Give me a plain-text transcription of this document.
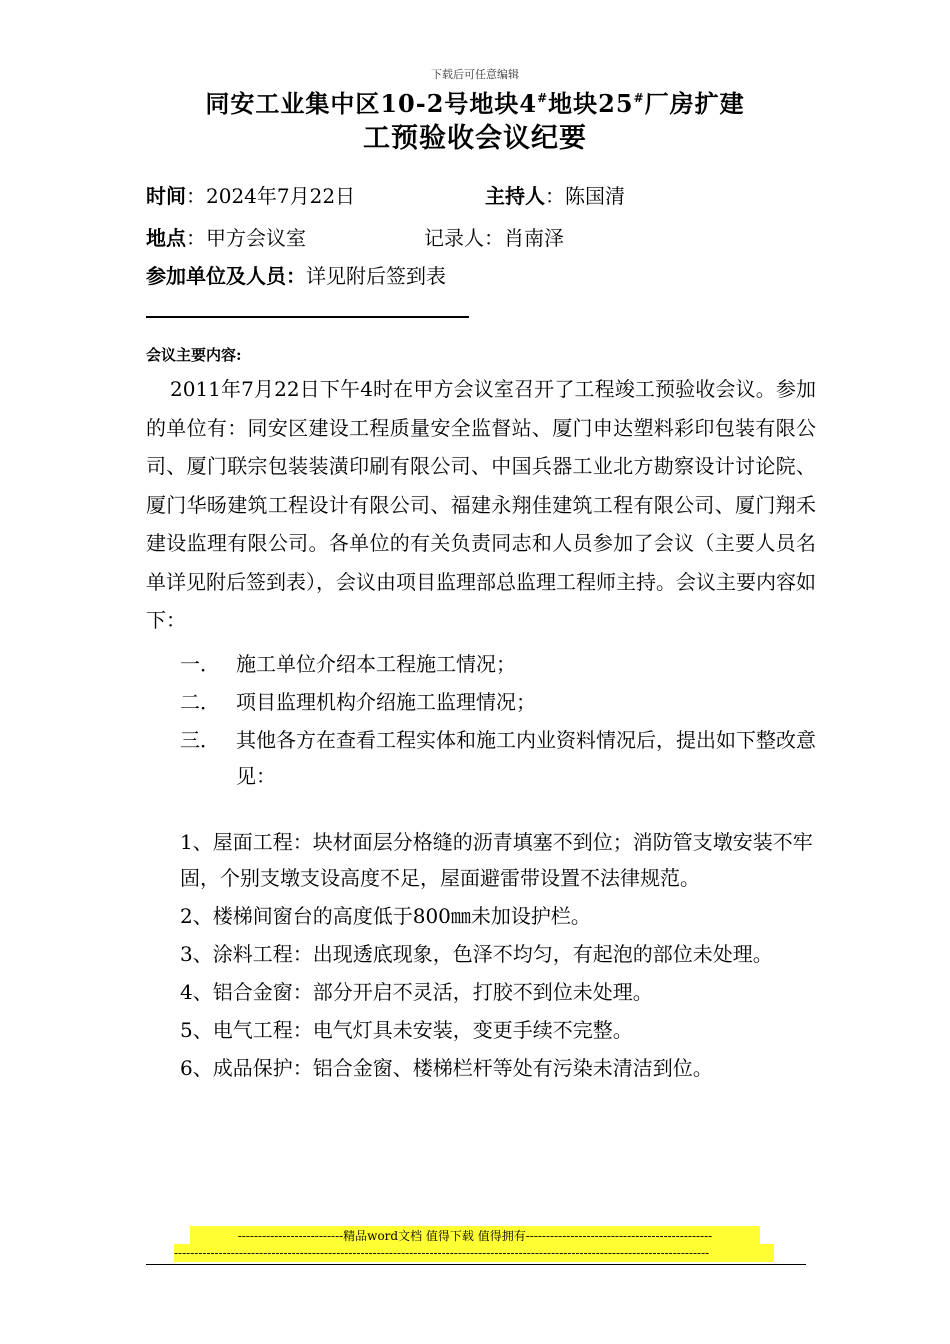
下载后可任意编辑
同安工业集中区10-2号地块4#地块25#厂房扩建
工预验收会议纪要
时间：2024年7月22日	主持人：陈国清
地点：甲方会议室	记录人：肖南泽
参加单位及人员：详见附后签到表
会议主要内容:
2011年7月22日下午4时在甲方会议室召开了工程竣工预验收会议。参加的单位有：同安区建设工程质量安全监督站、厦门申达塑料彩印包装有限公司、厦门联宗包装装潢印刷有限公司、中国兵器工业北方勘察设计讨论院、厦门华旸建筑工程设计有限公司、福建永翔佳建筑工程有限公司、厦门翔禾建设监理有限公司。各单位的有关负责同志和人员参加了会议（主要人员名单详见附后签到表），会议由项目监理部总监理工程师主持。会议主要内容如下：
一． 施工单位介绍本工程施工情况；
二． 项目监理机构介绍施工监理情况；
三． 其他各方在查看工程实体和施工内业资料情况后，提出如下整改意见：
1、屋面工程：块材面层分格缝的沥青填塞不到位；消防管支墩安装不牢固，个别支墩支设高度不足，屋面避雷带设置不法律规范。
2、楼梯间窗台的高度低于800㎜未加设护栏。
3、涂料工程：出现透底现象，色泽不均匀，有起泡的部位未处理。
4、铝合金窗：部分开启不灵活，打胶不到位未处理。
5、电气工程：电气灯具未安装，变更手续不完整。
6、成品保护：铝合金窗、楼梯栏杆等处有污染未清洁到位。
--------------------------精品word文档 值得下载 值得拥有----------------------------------------------
------------------------------------------------------------------------------------------------------------------------------------
